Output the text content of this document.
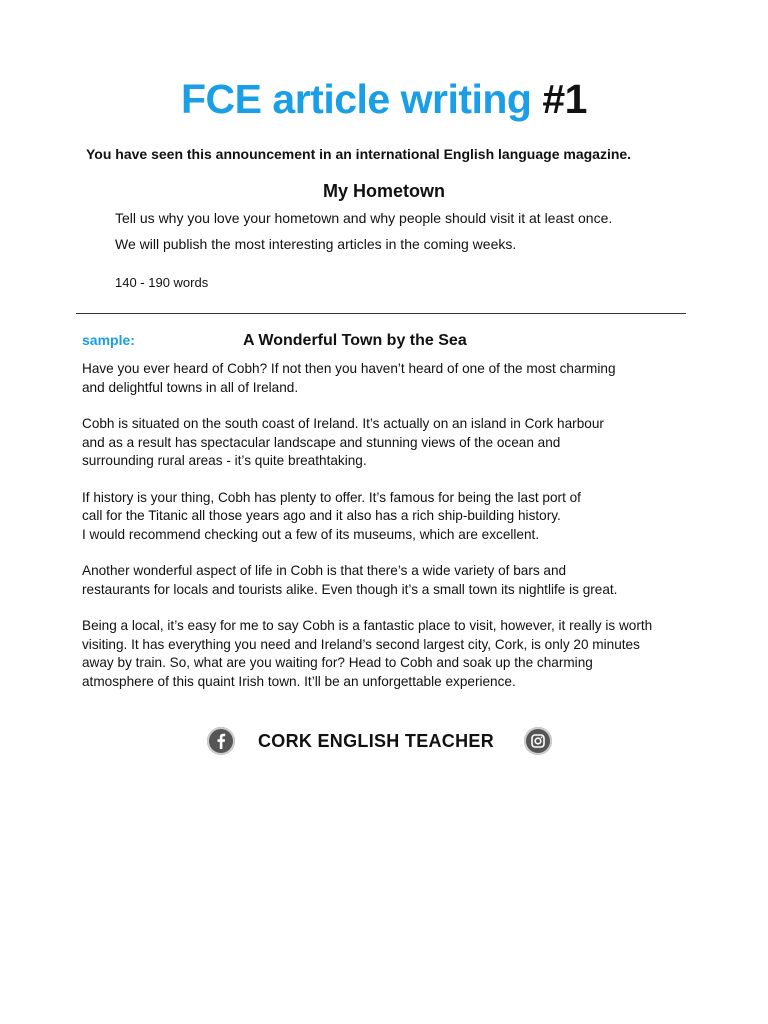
FCE article writing #1
You have seen this announcement in an international English language magazine.
My Hometown
Tell us why you love your hometown and why people should visit it at least once.
We will publish the most interesting articles in the coming weeks.
140 - 190 words
sample:	A Wonderful Town by the Sea

Have you ever heard of Cobh? If not then you haven’t heard of one of the most charming
and delightful towns in all of Ireland.

Cobh is situated on the south coast of Ireland. It’s actually on an island in Cork harbour
and as a result has spectacular landscape and stunning views of the ocean and
surrounding rural areas - it’s quite breathtaking.

If history is your thing, Cobh has plenty to offer. It’s famous for being the last port of
call for the Titanic all those years ago and it also has a rich ship-building history.
I would recommend checking out a few of its museums, which are excellent.

Another wonderful aspect of life in Cobh is that there’s a wide variety of bars and
restaurants for locals and tourists alike. Even though it’s a small town its nightlife is great.

Being a local, it’s easy for me to say Cobh is a fantastic place to visit, however, it really is worth
visiting. It has everything you need and Ireland’s second largest city, Cork, is only 20 minutes
away by train. So, what are you waiting for? Head to Cobh and soak up the charming
atmosphere of this quaint Irish town. It’ll be an unforgettable experience.

CORK ENGLISH TEACHER
